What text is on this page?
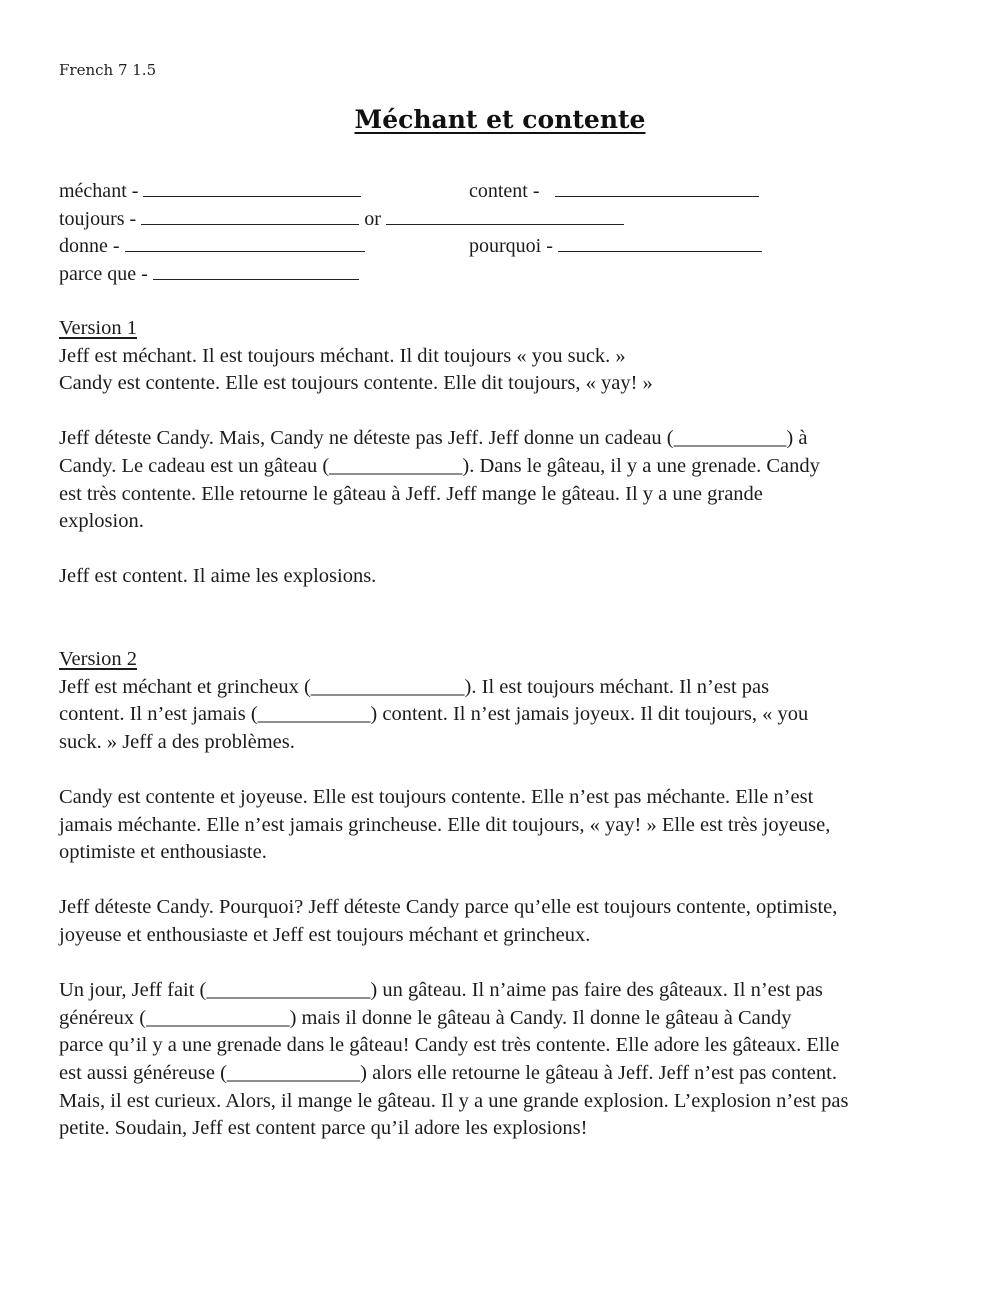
French 7 1.5
Méchant et contente
méchant -	content -
toujours -	or
donne -	pourquoi -
parce que -
Version 1

Jeff est méchant. Il est toujours méchant. Il dit toujours « you suck. »
Candy est contente. Elle est toujours contente. Elle dit toujours, « yay! »

Jeff déteste Candy. Mais, Candy ne déteste pas Jeff. Jeff donne un cadeau (___________) à
Candy. Le cadeau est un gâteau (_____________). Dans le gâteau, il y a une grenade. Candy
est très contente. Elle retourne le gâteau à Jeff. Jeff mange le gâteau. Il y a une grande
explosion.

Jeff est content. Il aime les explosions.

Version 2

Jeff est méchant et grincheux (_______________). Il est toujours méchant. Il n’est pas
content. Il n’est jamais (___________) content. Il n’est jamais joyeux. Il dit toujours, « you
suck. » Jeff a des problèmes.

Candy est contente et joyeuse. Elle est toujours contente. Elle n’est pas méchante. Elle n’est
jamais méchante. Elle n’est jamais grincheuse. Elle dit toujours, « yay! » Elle est très joyeuse,
optimiste et enthousiaste.

Jeff déteste Candy. Pourquoi? Jeff déteste Candy parce qu’elle est toujours contente, optimiste,
joyeuse et enthousiaste et Jeff est toujours méchant et grincheux.

Un jour, Jeff fait (________________) un gâteau. Il n’aime pas faire des gâteaux. Il n’est pas
généreux (______________) mais il donne le gâteau à Candy. Il donne le gâteau à Candy
parce qu’il y a une grenade dans le gâteau! Candy est très contente. Elle adore les gâteaux. Elle
est aussi généreuse (_____________) alors elle retourne le gâteau à Jeff. Jeff n’est pas content.
Mais, il est curieux. Alors, il mange le gâteau. Il y a une grande explosion. L’explosion n’est pas
petite. Soudain, Jeff est content parce qu’il adore les explosions!
